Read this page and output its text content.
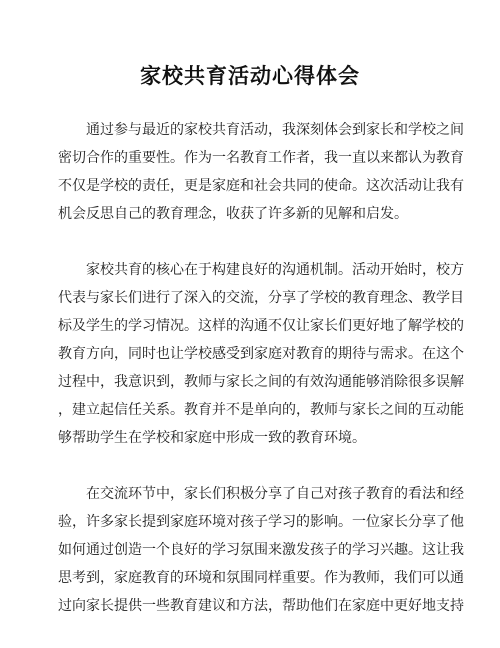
家校共育活动心得体会
通过参与最近的家校共育活动，我深刻体会到家长和学校之间
密切合作的重要性。作为一名教育工作者，我一直以来都认为教育
不仅是学校的责任，更是家庭和社会共同的使命。这次活动让我有
机会反思自己的教育理念，收获了许多新的见解和启发。
家校共育的核心在于构建良好的沟通机制。活动开始时，校方
代表与家长们进行了深入的交流，分享了学校的教育理念、教学目
标及学生的学习情况。这样的沟通不仅让家长们更好地了解学校的
教育方向，同时也让学校感受到家庭对教育的期待与需求。在这个
过程中，我意识到，教师与家长之间的有效沟通能够消除很多误解
，建立起信任关系。教育并不是单向的，教师与家长之间的互动能
够帮助学生在学校和家庭中形成一致的教育环境。
在交流环节中，家长们积极分享了自己对孩子教育的看法和经
验，许多家长提到家庭环境对孩子学习的影响。一位家长分享了他
如何通过创造一个良好的学习氛围来激发孩子的学习兴趣。这让我
思考到，家庭教育的环境和氛围同样重要。作为教师，我们可以通
过向家长提供一些教育建议和方法，帮助他们在家庭中更好地支持
